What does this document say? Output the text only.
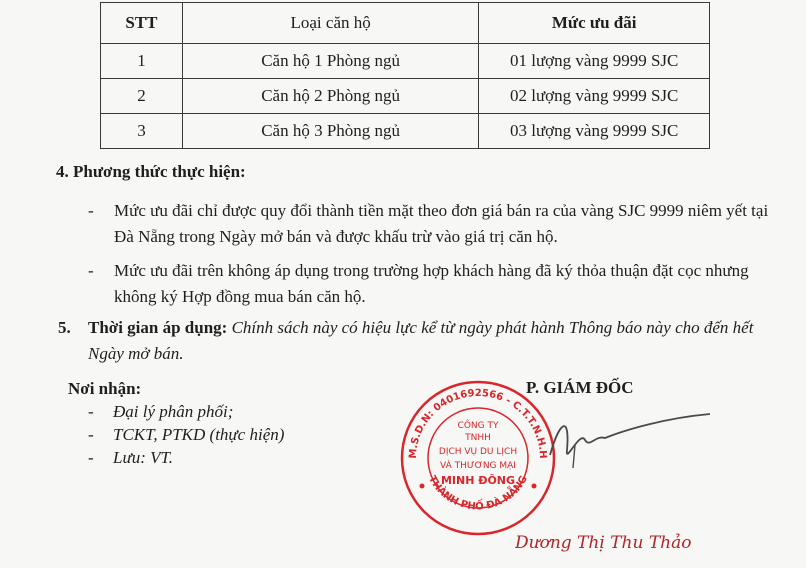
STT	Loại căn hộ	Mức ưu đãi
1	Căn hộ 1 Phòng ngủ	01 lượng vàng 9999 SJC
2	Căn hộ 2 Phòng ngủ	02 lượng vàng 9999 SJC
3	Căn hộ 3 Phòng ngủ	03 lượng vàng 9999 SJC
4. Phương thức thực hiện:
- Mức ưu đãi chỉ được quy đổi thành tiền mặt theo đơn giá bán ra của vàng SJC 9999 niêm yết tại Đà Nẵng trong Ngày mở bán và được khấu trừ vào giá trị căn hộ.
- Mức ưu đãi trên không áp dụng trong trường hợp khách hàng đã ký thỏa thuận đặt cọc nhưng không ký Hợp đồng mua bán căn hộ.
5. Thời gian áp dụng: Chính sách này có hiệu lực kể từ ngày phát hành Thông báo này cho đến hết Ngày mở bán.
Nơi nhận:
- Đại lý phân phối;
- TCKT, PTKD (thực hiện)
- Lưu: VT.
P. GIÁM ĐỐC
M.S.D.N: 0401692566 - C.T.T.N.H.H
THÀNH PHỐ ĐÀ NẴNG
CÔNG TY
TNHH
DỊCH VỤ DU LỊCH
VÀ THƯƠNG MẠI
MINH ĐÔNG
Dương Thị Thu Thảo
